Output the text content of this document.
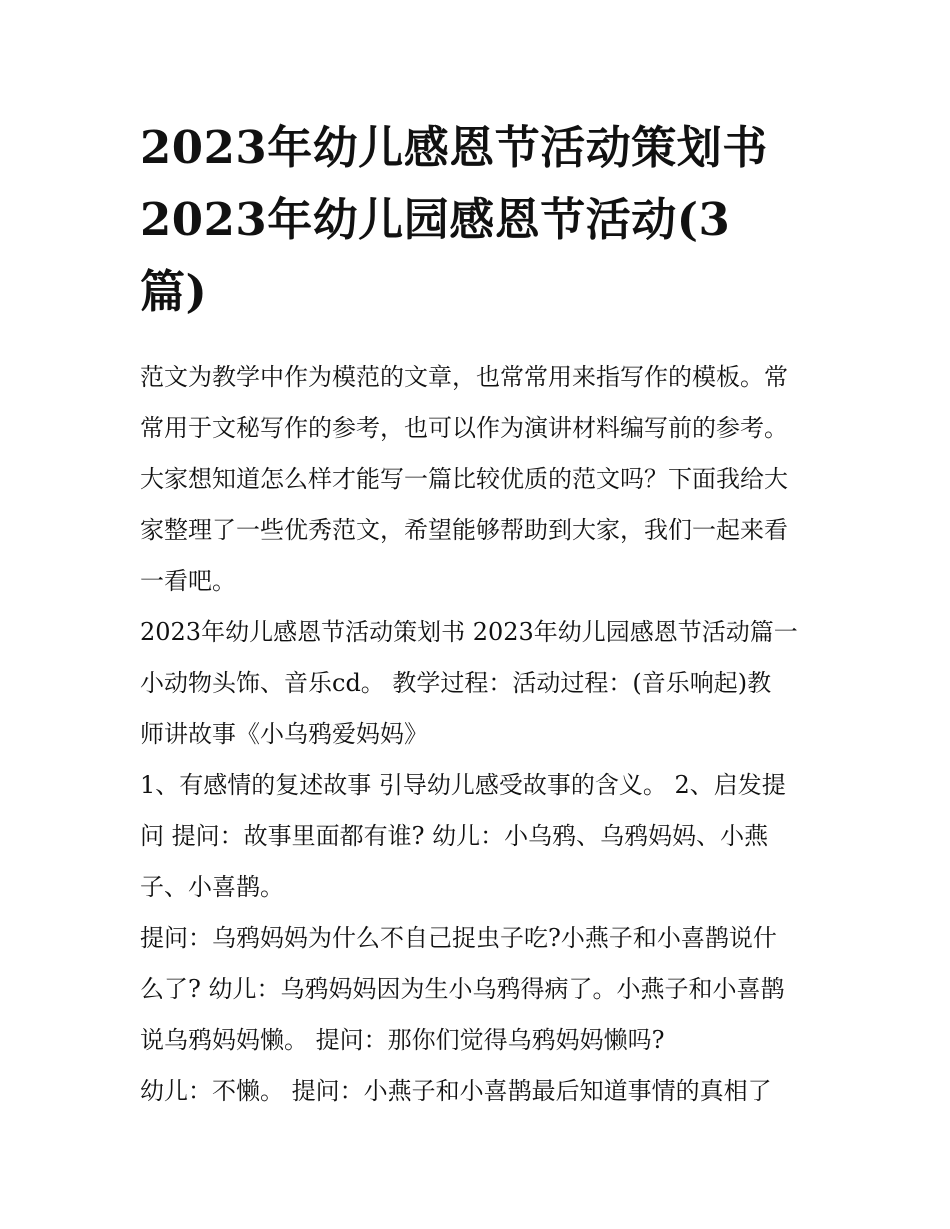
2023年幼儿感恩节活动策划书
2023年幼儿园感恩节活动(3
篇)

范文为教学中作为模范的文章，也常常用来指写作的模板。常
常用于文秘写作的参考，也可以作为演讲材料编写前的参考。
大家想知道怎么样才能写一篇比较优质的范文吗？下面我给大
家整理了一些优秀范文，希望能够帮助到大家，我们一起来看
一看吧。

2023年幼儿感恩节活动策划书 2023年幼儿园感恩节活动篇一
小动物头饰、音乐cd。 教学过程：活动过程：(音乐响起)教
师讲故事《小乌鸦爱妈妈》

1、有感情的复述故事 引导幼儿感受故事的含义。 2、启发提
问 提问：故事里面都有谁? 幼儿：小乌鸦、乌鸦妈妈、小燕
子、小喜鹊。

提问：乌鸦妈妈为什么不自己捉虫子吃?小燕子和小喜鹊说什
么了? 幼儿：乌鸦妈妈因为生小乌鸦得病了。小燕子和小喜鹊
说乌鸦妈妈懒。 提问：那你们觉得乌鸦妈妈懒吗?

幼儿：不懒。 提问：小燕子和小喜鹊最后知道事情的真相了
